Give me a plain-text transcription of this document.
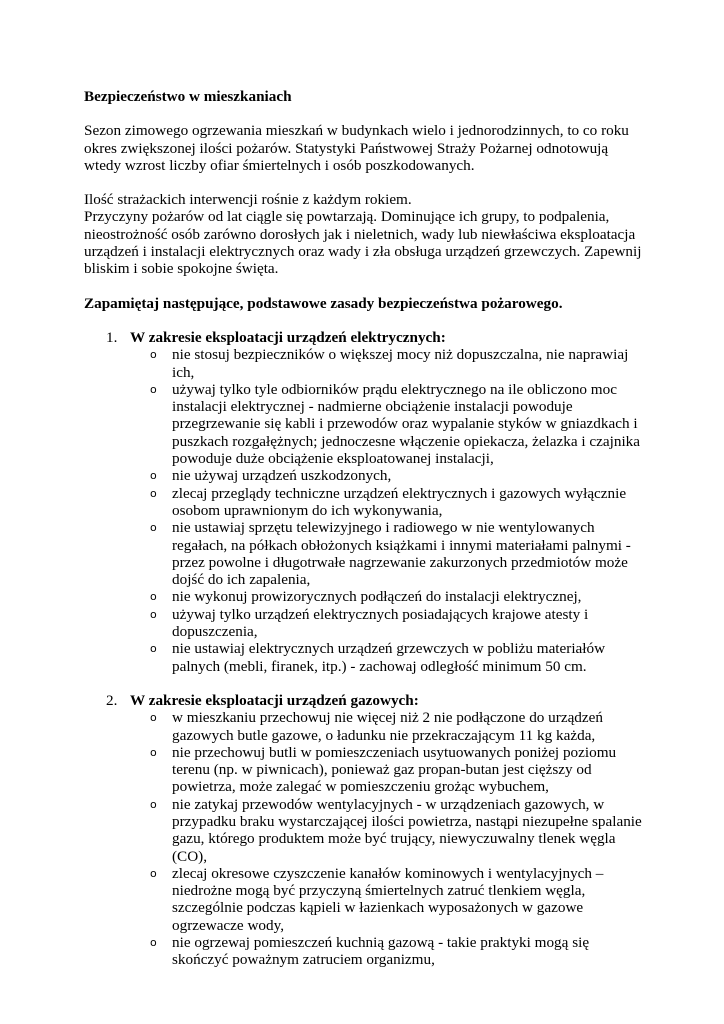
Bezpieczeństwo w mieszkaniach

Sezon zimowego ogrzewania mieszkań w budynkach wielo i jednorodzinnych, to co roku okres zwiększonej ilości pożarów. Statystyki Państwowej Straży Pożarnej odnotowują wtedy wzrost liczby ofiar śmiertelnych i osób poszkodowanych.

Ilość strażackich interwencji rośnie z każdym rokiem.

Przyczyny pożarów od lat ciągle się powtarzają. Dominujące ich grupy, to podpalenia, nieostrożność osób zarówno dorosłych jak i nieletnich, wady lub niewłaściwa eksploatacja urządzeń i instalacji elektrycznych oraz wady i zła obsługa urządzeń grzewczych. Zapewnij bliskim i sobie spokojne święta.

Zapamiętaj następujące, podstawowe zasady bezpieczeństwa pożarowego.

1. W zakresie eksploatacji urządzeń elektrycznych:
o nie stosuj bezpieczników o większej mocy niż dopuszczalna, nie naprawiaj ich,
o używaj tylko tyle odbiorników prądu elektrycznego na ile obliczono moc instalacji elektrycznej - nadmierne obciążenie instalacji powoduje przegrzewanie się kabli i przewodów oraz wypalanie styków w gniazdkach i puszkach rozgałężnych; jednoczesne włączenie opiekacza, żelazka i czajnika powoduje duże obciążenie eksploatowanej instalacji,
o nie używaj urządzeń uszkodzonych,
o zlecaj przeglądy techniczne urządzeń elektrycznych i gazowych wyłącznie osobom uprawnionym do ich wykonywania,
o nie ustawiaj sprzętu telewizyjnego i radiowego w nie wentylowanych regałach, na półkach obłożonych książkami i innymi materiałami palnymi - przez powolne i długotrwałe nagrzewanie zakurzonych przedmiotów może dojść do ich zapalenia,
o nie wykonuj prowizorycznych podłączeń do instalacji elektrycznej,
o używaj tylko urządzeń elektrycznych posiadających krajowe atesty i dopuszczenia,
o nie ustawiaj elektrycznych urządzeń grzewczych w pobliżu materiałów palnych (mebli, firanek, itp.) - zachowaj odległość minimum 50 cm.
2. W zakresie eksploatacji urządzeń gazowych:
o w mieszkaniu przechowuj nie więcej niż 2 nie podłączone do urządzeń gazowych butle gazowe, o ładunku nie przekraczającym 11 kg każda,
o nie przechowuj butli w pomieszczeniach usytuowanych poniżej poziomu terenu (np. w piwnicach), ponieważ gaz propan-butan jest cięższy od powietrza, może zalegać w pomieszczeniu grożąc wybuchem,
o nie zatykaj przewodów wentylacyjnych - w urządzeniach gazowych, w przypadku braku wystarczającej ilości powietrza, nastąpi niezupełne spalanie gazu, którego produktem może być trujący, niewyczuwalny tlenek węgla (CO),
o zlecaj okresowe czyszczenie kanałów kominowych i wentylacyjnych – niedrożne mogą być przyczyną śmiertelnych zatruć tlenkiem węgla, szczególnie podczas kąpieli w łazienkach wyposażonych w gazowe ogrzewacze wody,
o nie ogrzewaj pomieszczeń kuchnią gazową - takie praktyki mogą się skończyć poważnym zatruciem organizmu,
